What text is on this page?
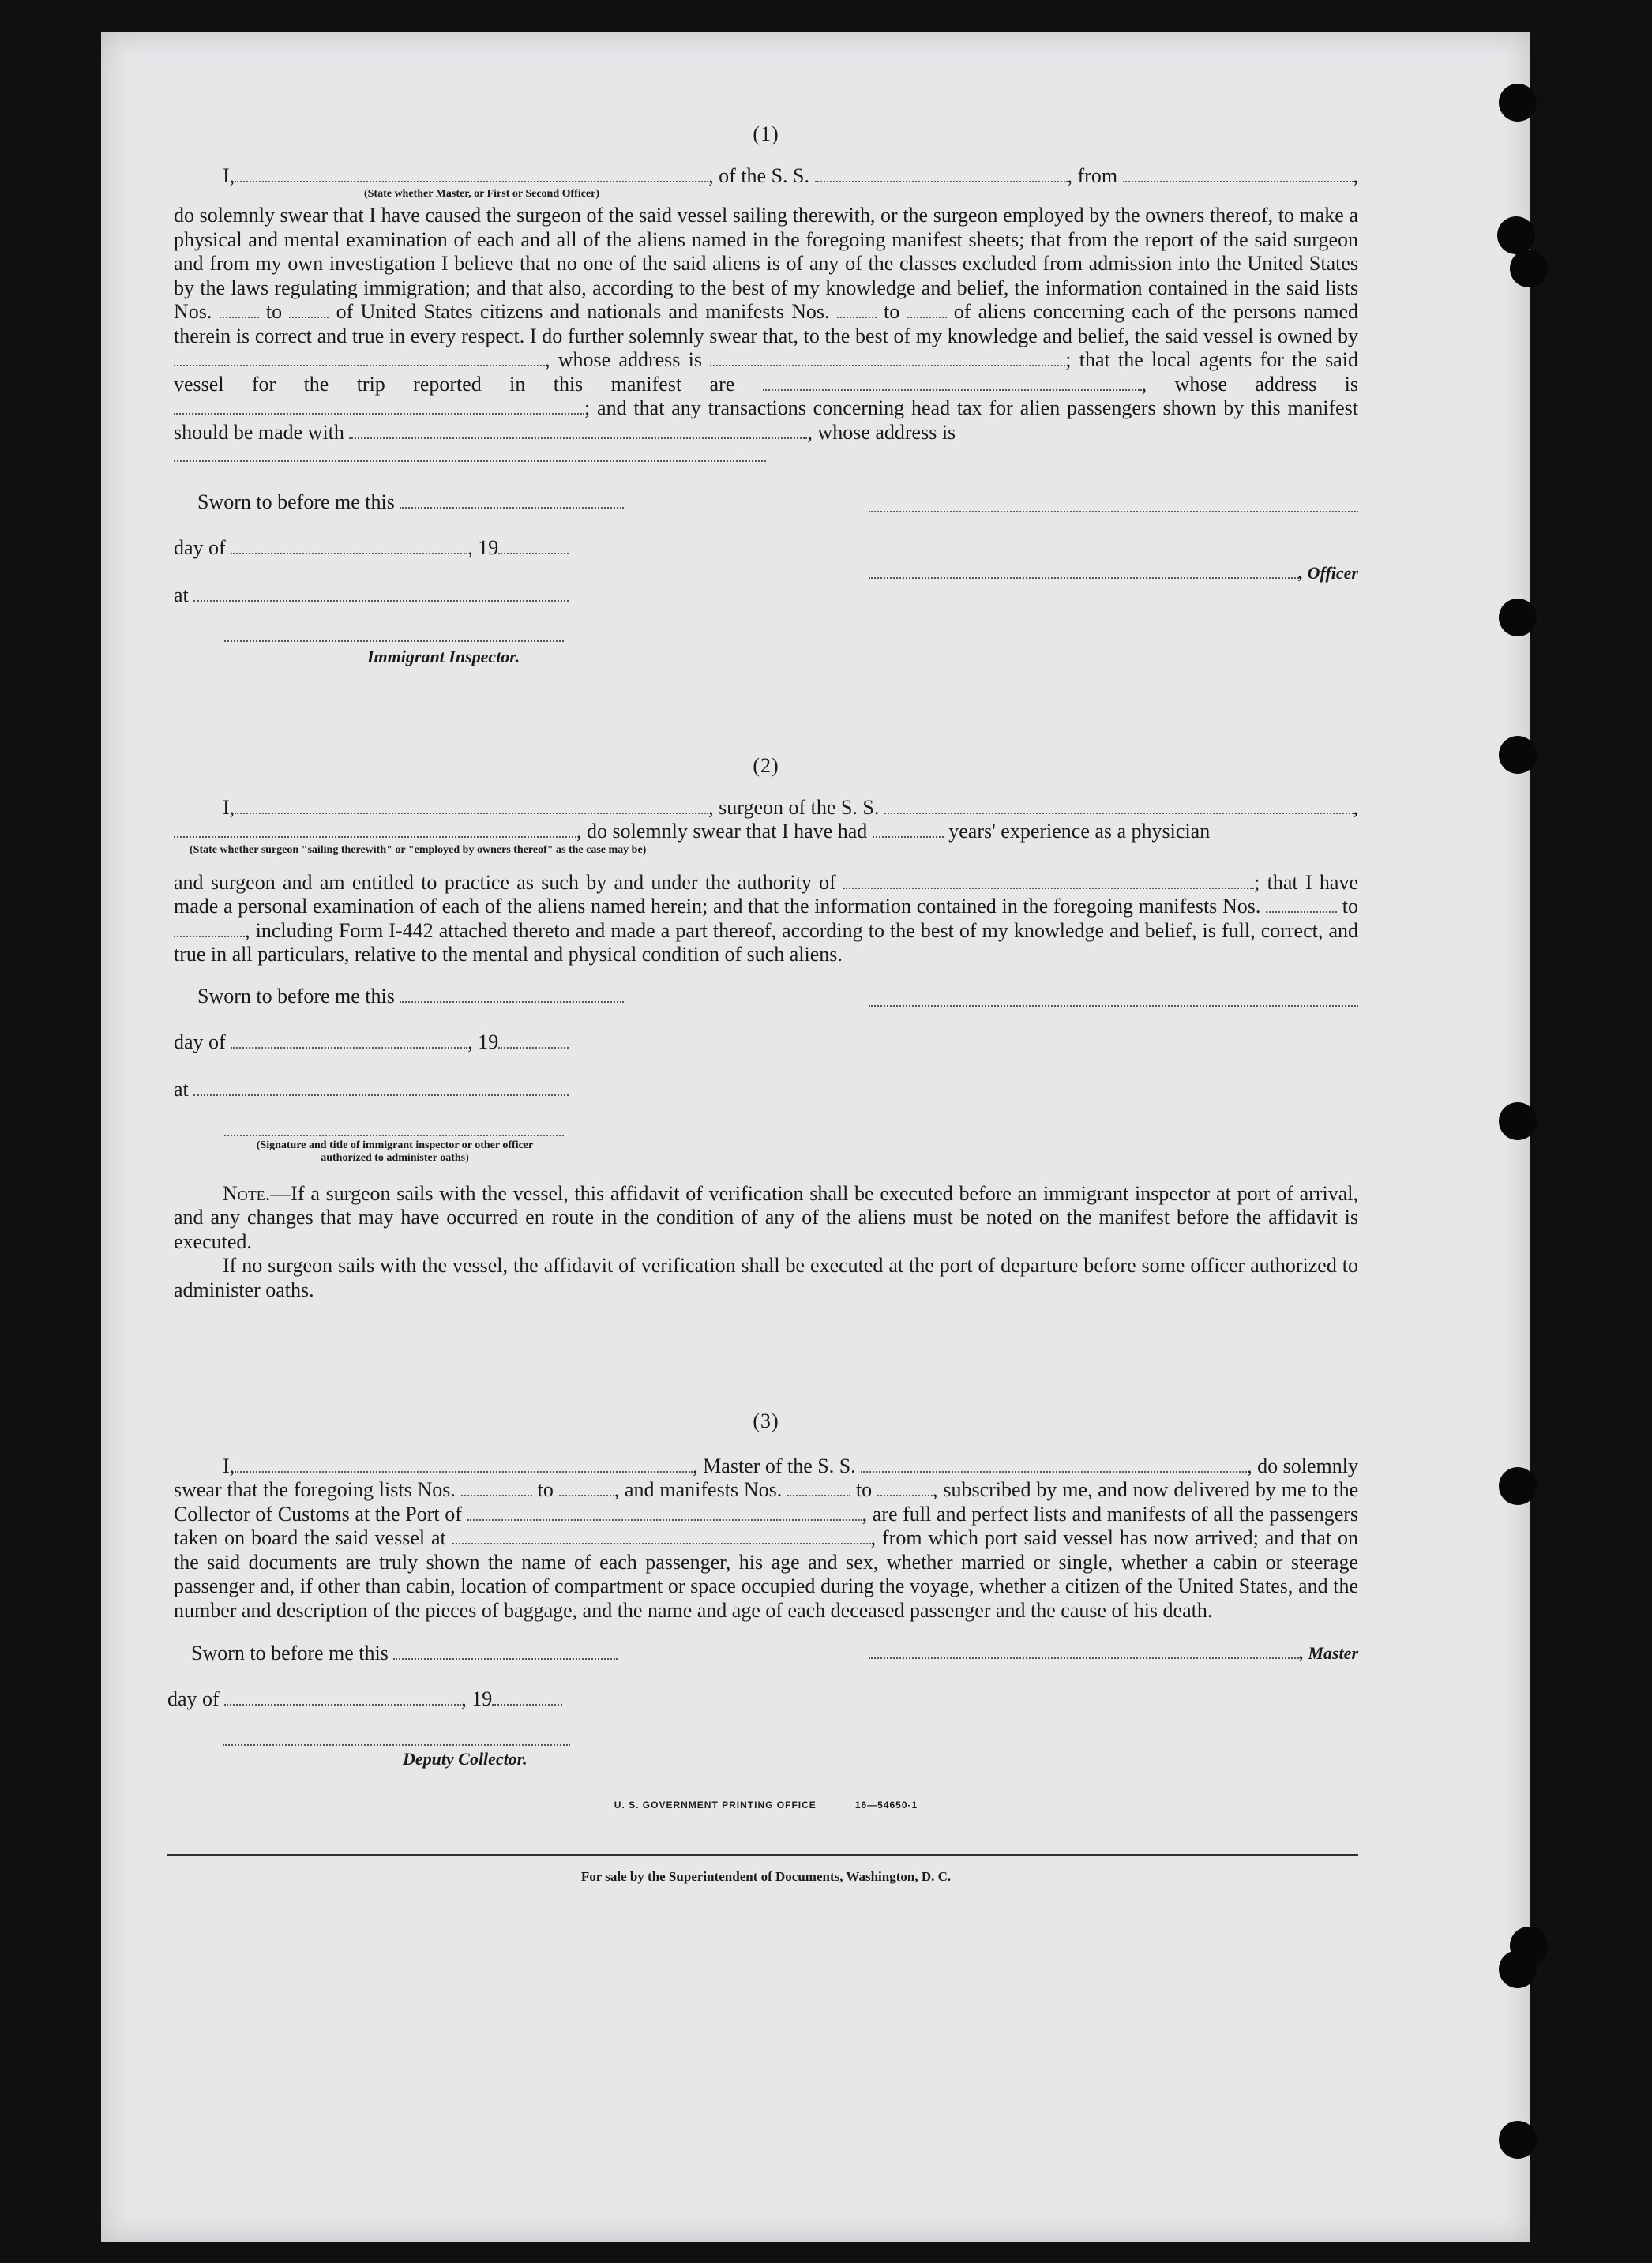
(1)
I,	, of the S. S.
	, from
	,
(State whether Master, or First or Second Officer)

do solemnly swear that I have caused the surgeon of the said vessel sailing therewith, or the surgeon employed by the owners thereof, to make a physical and mental examination of each and all of the aliens named in the foregoing manifest sheets; that from the report of the said surgeon and from my own investigation I believe that no one of the said aliens is of any of the classes excluded from admission into the United States by the laws regulating immigration; and that also, according to the best of my knowledge and belief, the information contained in the said lists Nos.	to	of United States citizens and nationals and manifests Nos.	to	of aliens concerning each of the persons named therein is correct and true in every respect. I do further solemnly swear that, to the best of my knowledge and belief, the said vessel is owned by , whose address is	; that the local agents for the said vessel for the trip reported in this manifest are	, whose address is ; and that any transactions concerning head tax for alien passengers shown by this manifest should be made with	, whose address is

Sworn to before me this

day of
	, 19
, Officer
at

Immigrant Inspector.
(2)
I,	, surgeon of the S. S.
	,
, do solemnly swear that I have had

	years' experience as a physician
(State whether surgeon "sailing therewith" or "employed by owners thereof" as the case may be)

and surgeon and am entitled to practice as such by and under the authority of	; that I have made a personal examination of each of the aliens named herein; and that the information contained in the foregoing manifests Nos.	to , including Form I-442 attached thereto and made a part thereof, according to the best of my knowledge and belief, is full, correct, and true in all particulars, relative to the mental and physical condition of such aliens.

Sworn to before me this

day of
	, 19
at

(Signature and title of immigrant inspector or other officer authorized to administer oaths)

Note.—If a surgeon sails with the vessel, this affidavit of verification shall be executed before an immigrant inspector at port of arrival, and any changes that may have occurred en route in the condition of any of the aliens must be noted on the manifest before the affidavit is executed.

If no surgeon sails with the vessel, the affidavit of verification shall be executed at the port of departure before some officer authorized to administer oaths.

(3)
I,	, Master of the S. S.
	, do solemnly

swear that the foregoing lists Nos.	to	, and manifests Nos.	to	, subscribed by me, and now delivered by me to the Collector of Customs at the Port of	, are full and perfect lists and manifests of all the passengers taken on board the said vessel at	, from which port said vessel has now arrived; and that on the said documents are truly shown the name of each passenger, his age and sex, whether married or single, whether a cabin or steerage passenger and, if other than cabin, location of compartment or space occupied during the voyage, whether a citizen of the United States, and the number and description of the pieces of baggage, and the name and age of each deceased passenger and the cause of his death.

Sworn to before me this
	, Master
day of
	, 19
Deputy Collector.
U. S. GOVERNMENT PRINTING OFFICE	16—54650-1
For sale by the Superintendent of Documents, Washington, D. C.
